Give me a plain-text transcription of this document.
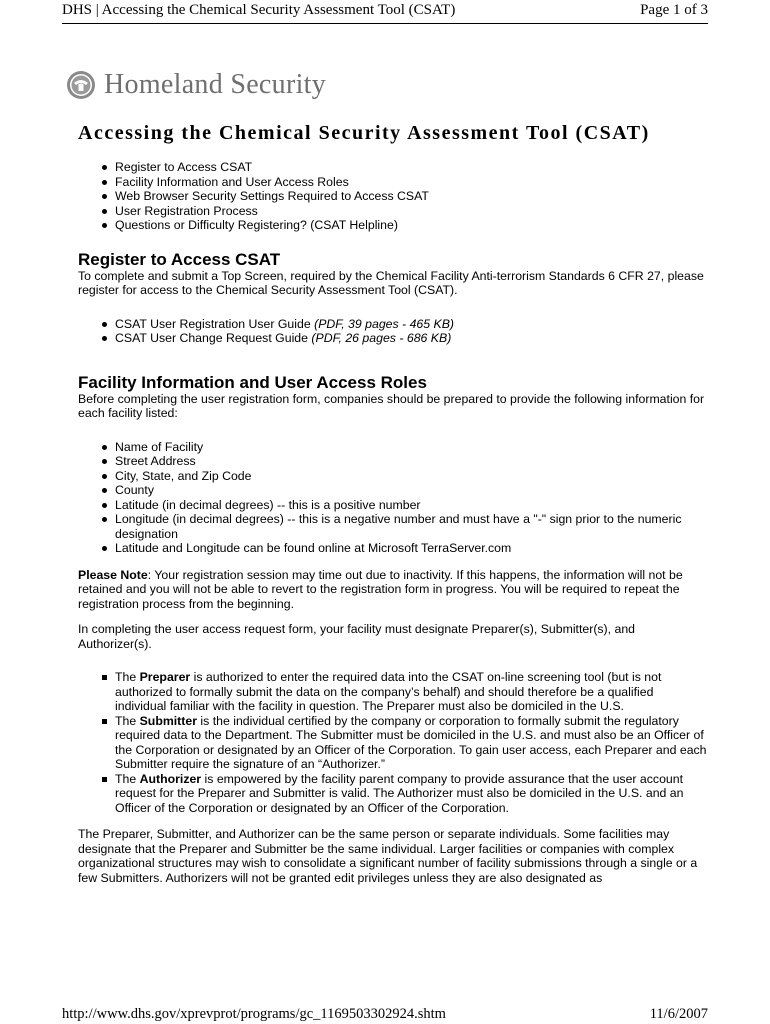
DHS | Accessing the Chemical Security Assessment Tool (CSAT)	Page 1 of 3
Homeland Security
Accessing the Chemical Security Assessment Tool (CSAT)
Register to Access CSAT
Facility Information and User Access Roles
Web Browser Security Settings Required to Access CSAT
User Registration Process
Questions or Difficulty Registering? (CSAT Helpline)
Register to Access CSAT

To complete and submit a Top Screen, required by the Chemical Facility Anti-terrorism Standards 6 CFR 27, please register for access to the Chemical Security Assessment Tool (CSAT).

CSAT User Registration User Guide (PDF, 39 pages - 465 KB)
CSAT User Change Request Guide (PDF, 26 pages - 686 KB)
Facility Information and User Access Roles

Before completing the user registration form, companies should be prepared to provide the following information for each facility listed:

Name of Facility
Street Address
City, State, and Zip Code
County
Latitude (in decimal degrees) -- this is a positive number
Longitude (in decimal degrees) -- this is a negative number and must have a "-" sign prior to the numeric designation
Latitude and Longitude can be found online at Microsoft TerraServer.com

Please Note: Your registration session may time out due to inactivity. If this happens, the information will not be retained and you will not be able to revert to the registration form in progress. You will be required to repeat the registration process from the beginning.

In completing the user access request form, your facility must designate Preparer(s), Submitter(s), and Authorizer(s).

The Preparer is authorized to enter the required data into the CSAT on-line screening tool (but is not authorized to formally submit the data on the company’s behalf) and should therefore be a qualified individual familiar with the facility in question. The Preparer must also be domiciled in the U.S.
The Submitter is the individual certified by the company or corporation to formally submit the regulatory required data to the Department. The Submitter must be domiciled in the U.S. and must also be an Officer of the Corporation or designated by an Officer of the Corporation. To gain user access, each Preparer and each Submitter require the signature of an “Authorizer.”
The Authorizer is empowered by the facility parent company to provide assurance that the user account request for the Preparer and Submitter is valid. The Authorizer must also be domiciled in the U.S. and an Officer of the Corporation or designated by an Officer of the Corporation.

The Preparer, Submitter, and Authorizer can be the same person or separate individuals. Some facilities may designate that the Preparer and Submitter be the same individual. Larger facilities or companies with complex organizational structures may wish to consolidate a significant number of facility submissions through a single or a few Submitters. Authorizers will not be granted edit privileges unless they are also designated as

http://www.dhs.gov/xprevprot/programs/gc_1169503302924.shtm	11/6/2007
